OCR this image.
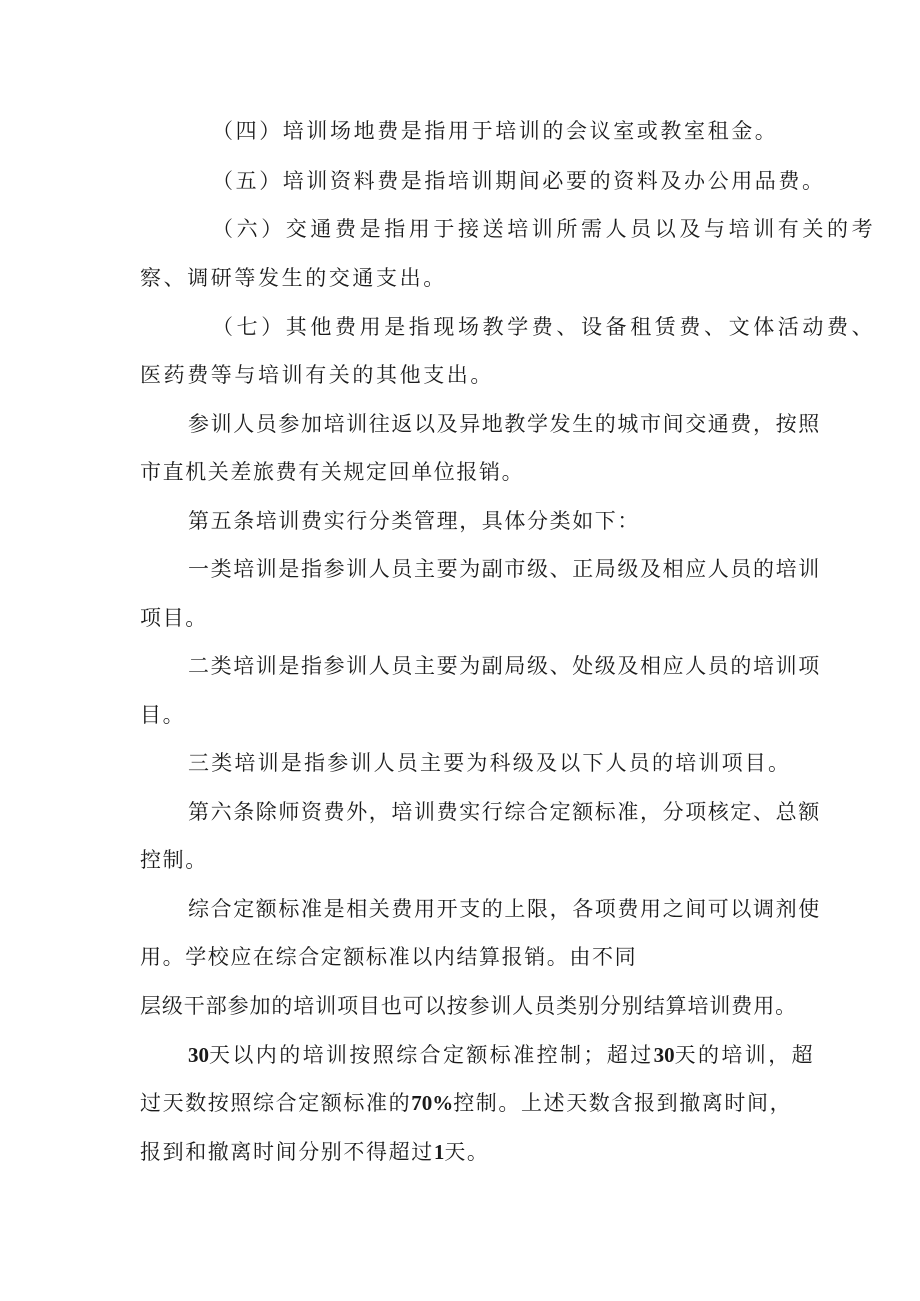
（四）培训场地费是指用于培训的会议室或教室租金。
（五）培训资料费是指培训期间必要的资料及办公用品费。
（六）交通费是指用于接送培训所需人员以及与培训有关的考
察、调研等发生的交通支出。
（七）其他费用是指现场教学费、设备租赁费、文体活动费、
医药费等与培训有关的其他支出。
参训人员参加培训往返以及异地教学发生的城市间交通费，按照
市直机关差旅费有关规定回单位报销。
第五条培训费实行分类管理，具体分类如下：
一类培训是指参训人员主要为副市级、正局级及相应人员的培训
项目。
二类培训是指参训人员主要为副局级、处级及相应人员的培训项
目。
三类培训是指参训人员主要为科级及以下人员的培训项目。
第六条除师资费外，培训费实行综合定额标准，分项核定、总额
控制。
综合定额标准是相关费用开支的上限，各项费用之间可以调剂使
用。学校应在综合定额标准以内结算报销。由不同
层级干部参加的培训项目也可以按参训人员类别分别结算培训费用。
30天以内的培训按照综合定额标准控制；超过30天的培训，超
过天数按照综合定额标准的70%控制。上述天数含报到撤离时间，
报到和撤离时间分别不得超过1天。
